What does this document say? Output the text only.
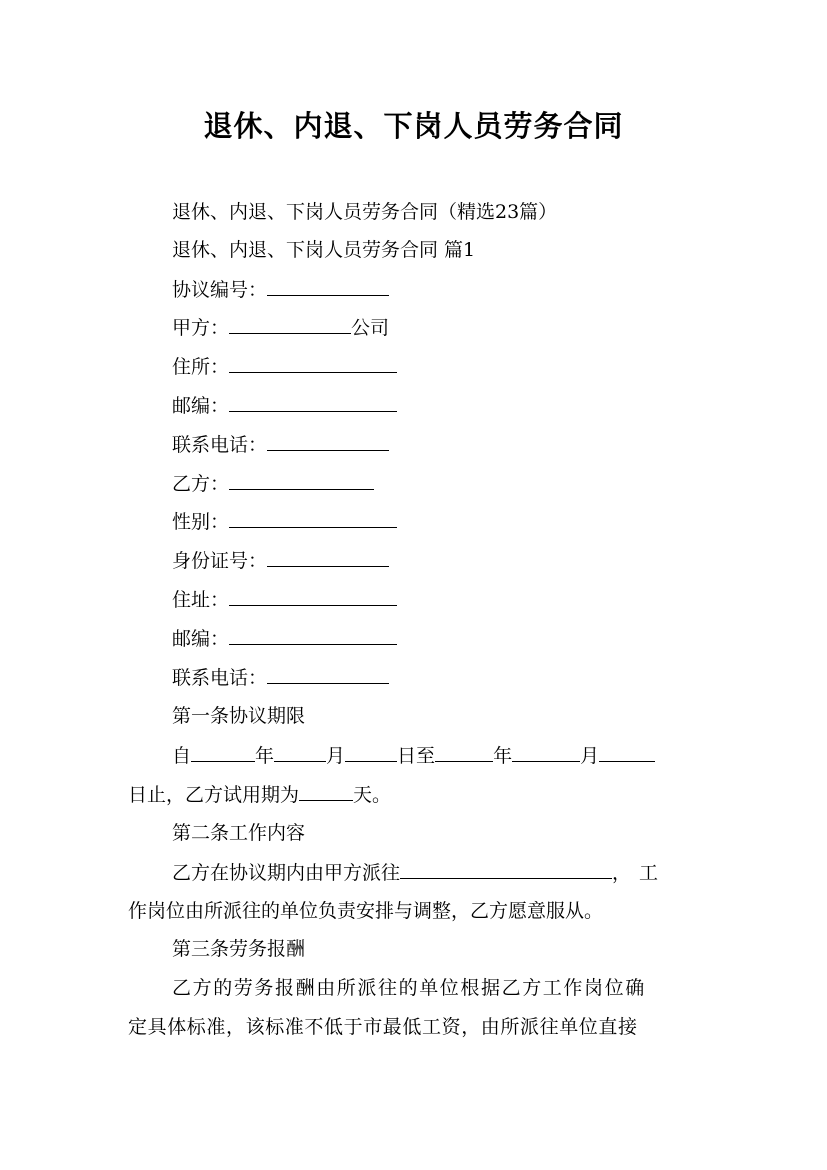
退休、内退、下岗人员劳务合同
退休、内退、下岗人员劳务合同（精选23篇）
退休、内退、下岗人员劳务合同 篇1
协议编号：
甲方：	公司
住所：
邮编：
联系电话：
乙方：
性别：
身份证号：
住址：
邮编：
联系电话：
第一条协议期限
自	年	月	日至	年	月
日止，乙方试用期为	天。
第二条工作内容
乙方在协议期内由甲方派往	，工
作岗位由所派往的单位负责安排与调整，乙方愿意服从。
第三条劳务报酬
乙方的劳务报酬由所派往的单位根据乙方工作岗位确
定具体标准，该标准不低于市最低工资，由所派往单位直接
